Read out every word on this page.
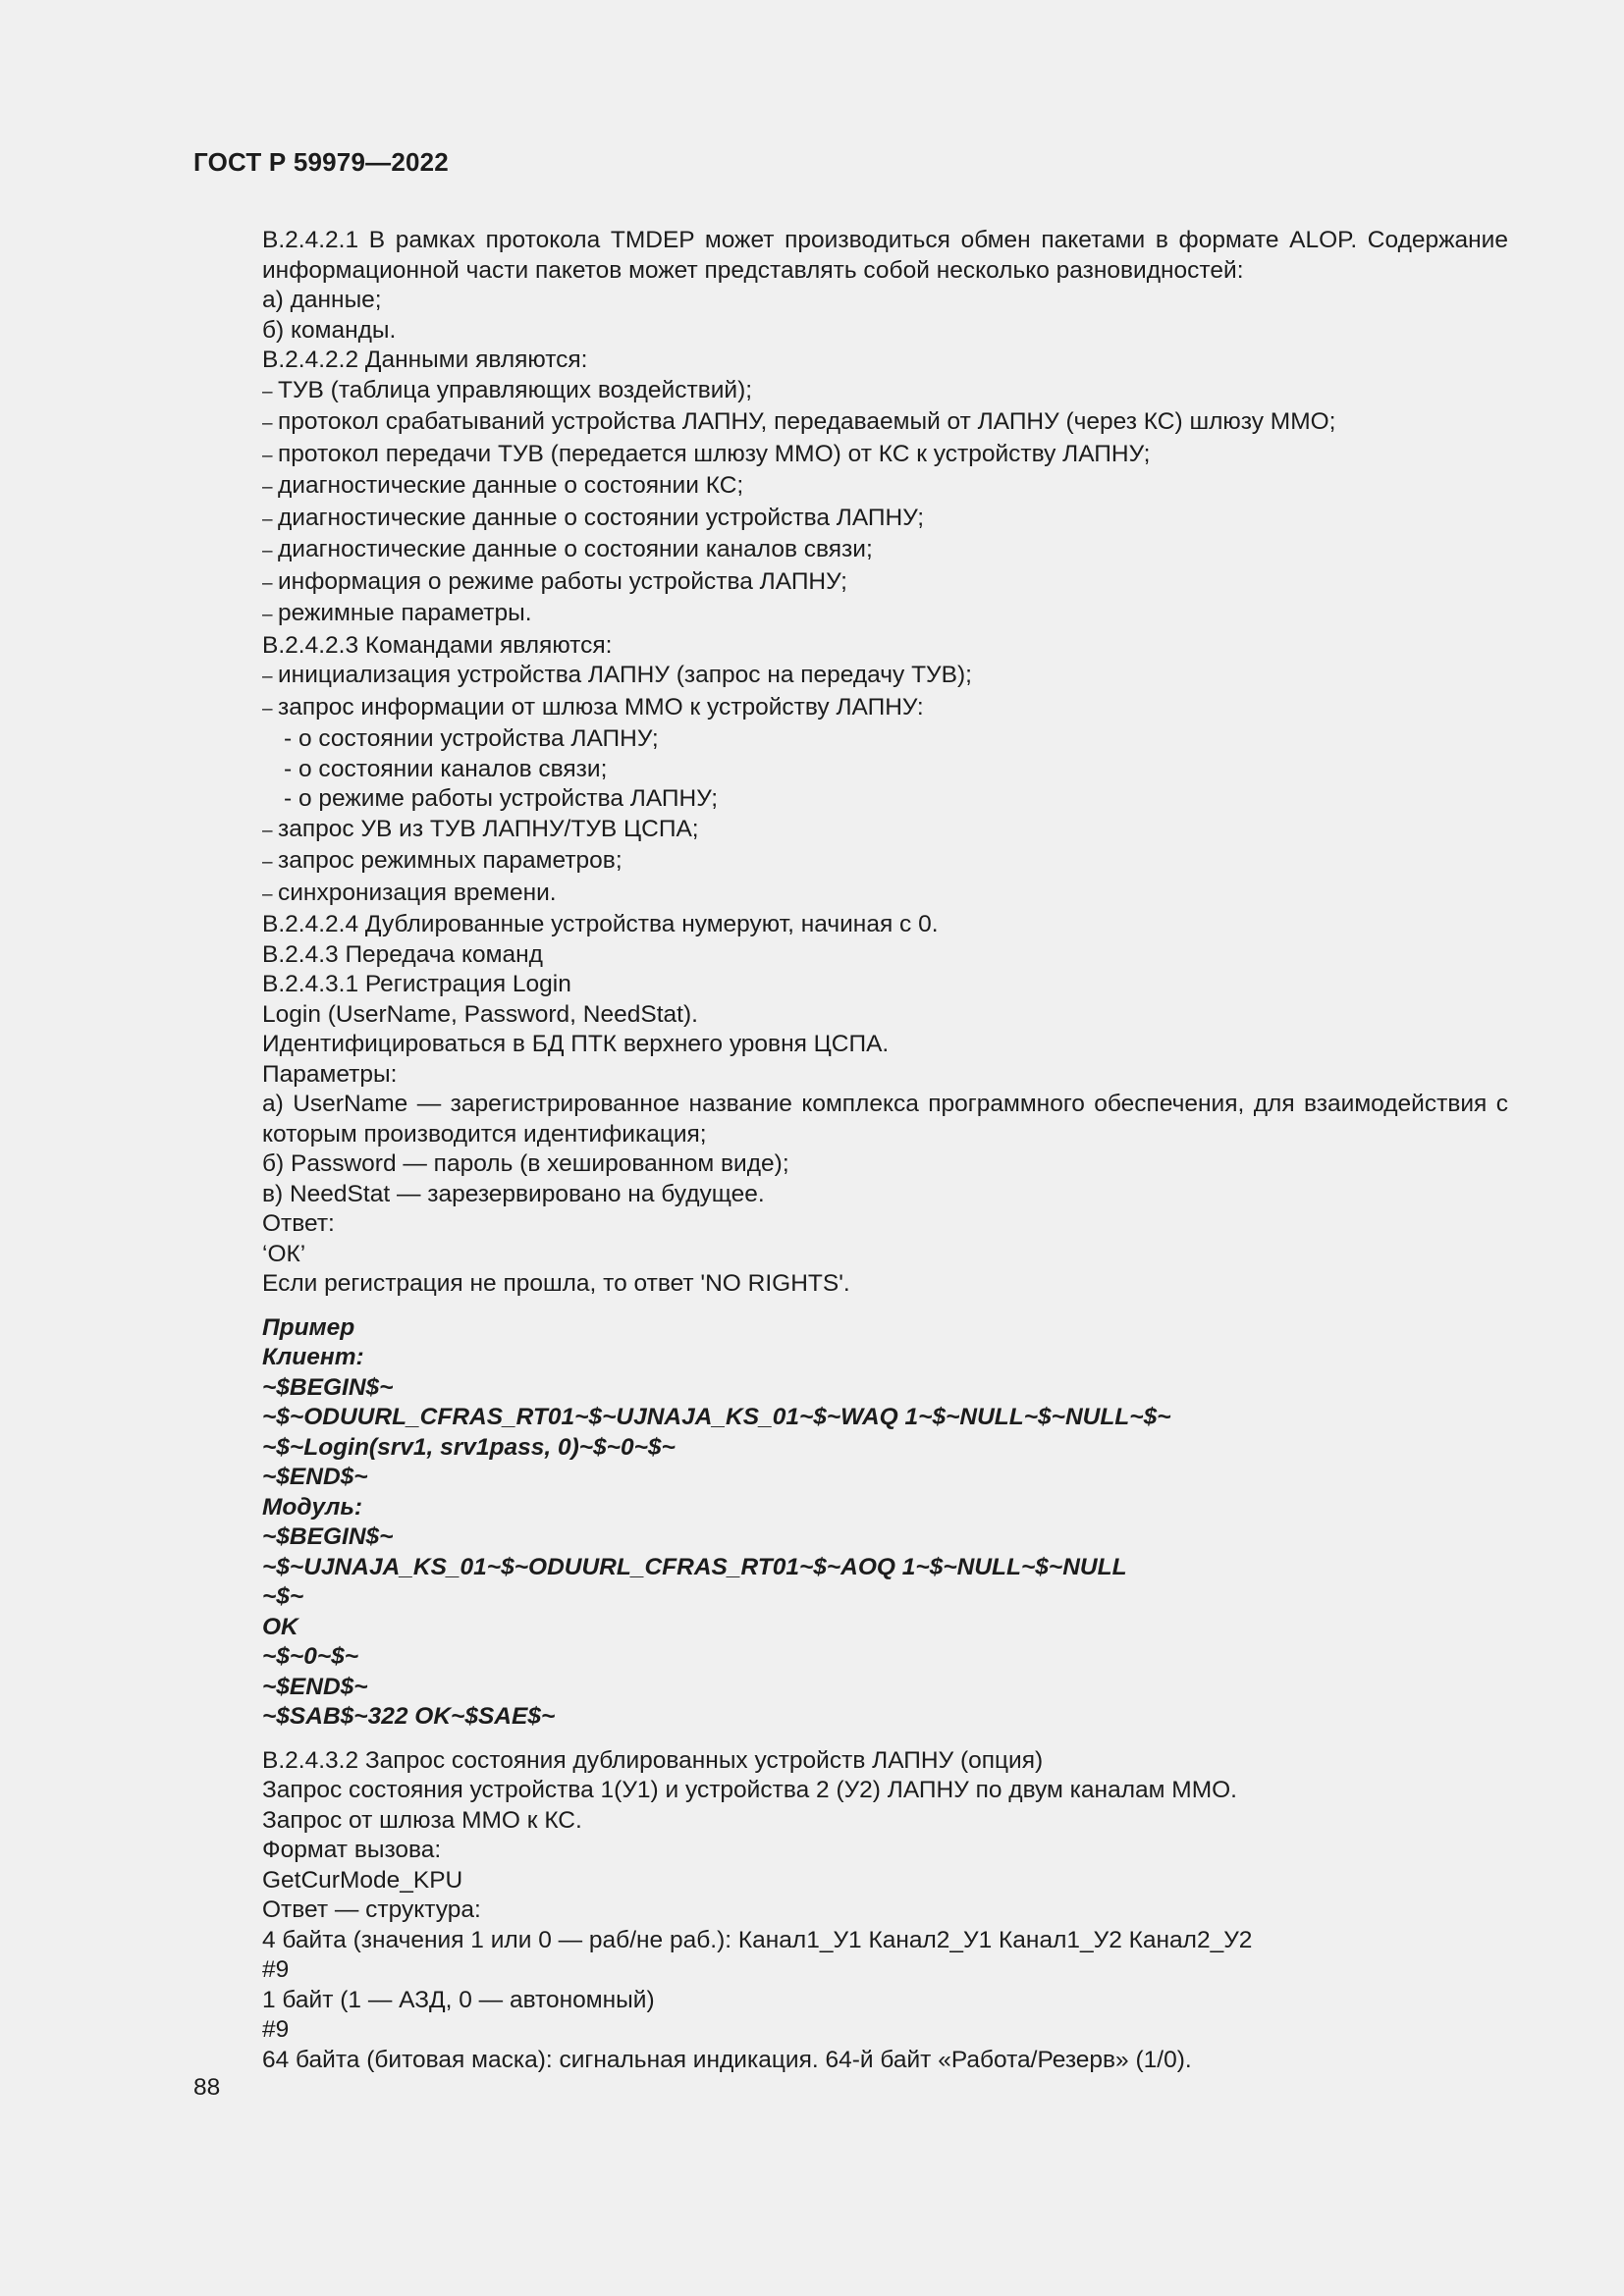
ГОСТ Р 59979—2022
В.2.4.2.1 В рамках протокола TMDEP может производиться обмен пакетами в формате ALOP. Содержание информационной части пакетов может представлять собой несколько разновидностей:
а) данные;
б) команды.
В.2.4.2.2 Данными являются:
– ТУВ (таблица управляющих воздействий);
– протокол срабатываний устройства ЛАПНУ, передаваемый от ЛАПНУ (через КС) шлюзу ММО;
– протокол передачи ТУВ (передается шлюзу ММО) от КС к устройству ЛАПНУ;
– диагностические данные о состоянии КС;
– диагностические данные о состоянии устройства ЛАПНУ;
– диагностические данные о состоянии каналов связи;
– информация о режиме работы устройства ЛАПНУ;
– режимные параметры.
В.2.4.2.3 Командами являются:
– инициализация устройства ЛАПНУ (запрос на передачу ТУВ);
– запрос информации от шлюза ММО к устройству ЛАПНУ:
- о состоянии устройства ЛАПНУ;
- о состоянии каналов связи;
- о режиме работы устройства ЛАПНУ;
– запрос УВ из ТУВ ЛАПНУ/ТУВ ЦСПА;
– запрос режимных параметров;
– синхронизация времени.
В.2.4.2.4 Дублированные устройства нумеруют, начиная с 0.
В.2.4.3 Передача команд
В.2.4.3.1 Регистрация Login
Login (UserName, Password, NeedStat).
Идентифицироваться в БД ПТК верхнего уровня ЦСПА.
Параметры:
а) UserName — зарегистрированное название комплекса программного обеспечения, для взаимодействия с которым производится идентификация;
б) Password — пароль (в хешированном виде);
в) NeedStat — зарезервировано на будущее.
Ответ:
‘ОК’
Если регистрация не прошла, то ответ 'NO RIGHTS'.
Пример
Клиент:
~$BEGIN$~
~$~ODUURL_CFRAS_RT01~$~UJNAJA_KS_01~$~WAQ 1~$~NULL~$~NULL~$~
~$~Login(srv1, srv1pass, 0)~$~0~$~
~$END$~
Модуль:
~$BEGIN$~
~$~UJNAJA_KS_01~$~ODUURL_CFRAS_RT01~$~AOQ 1~$~NULL~$~NULL
~$~
OK
~$~0~$~
~$END$~
~$SAB$~322 OK~$SAE$~
В.2.4.3.2 Запрос состояния дублированных устройств ЛАПНУ (опция)
Запрос состояния устройства 1(У1) и устройства 2 (У2) ЛАПНУ по двум каналам ММО.
Запрос от шлюза ММО к КС.
Формат вызова:
GetCurMode_KPU
Ответ — структура:
4 байта (значения 1 или 0 — раб/не раб.): Канал1_У1 Канал2_У1 Канал1_У2 Канал2_У2
#9
1 байт (1 — АЗД, 0 — автономный)
#9
64 байта (битовая маска): сигнальная индикация. 64-й байт «Работа/Резерв» (1/0).
88
